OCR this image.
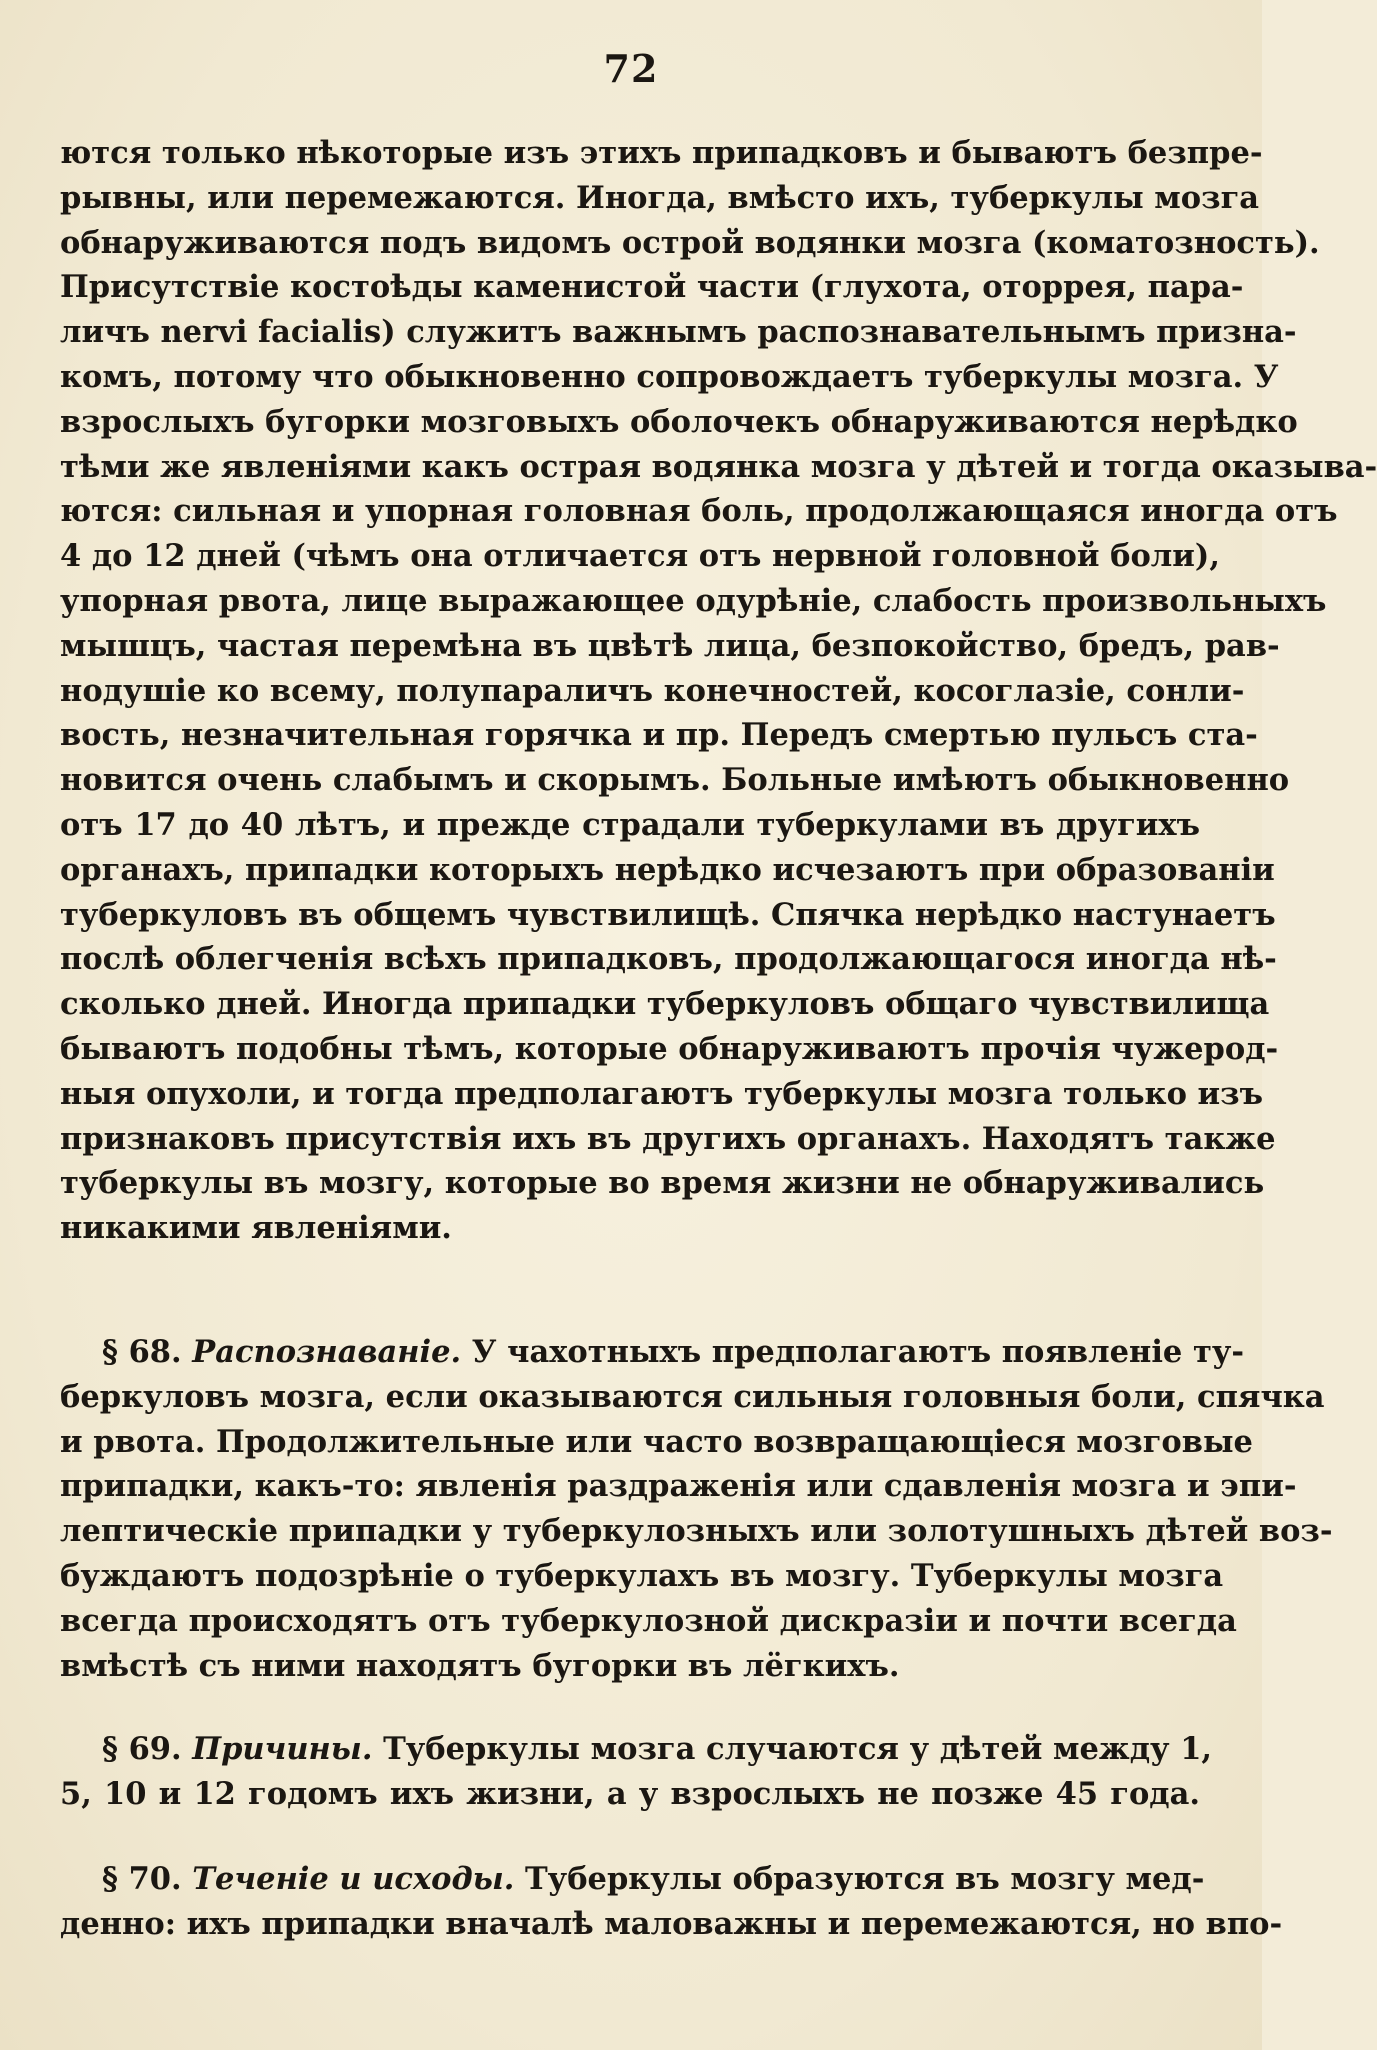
72
ются только нѣкоторые изъ этихъ припадковъ и бываютъ безпре-
рывны, или перемежаются. Иногда, вмѣсто ихъ, туберкулы мозга
обнаруживаются подъ видомъ острой водянки мозга (коматозность).
Присутствіе костоѣды каменистой части (глухота, оторрея, пара-
личъ nervi facialis) служитъ важнымъ распознавательнымъ призна-
комъ, потому что обыкновенно сопровождаетъ туберкулы мозга. У
взрослыхъ бугорки мозговыхъ оболочекъ обнаруживаются нерѣдко
тѣми же явленіями какъ острая водянка мозга у дѣтей и тогда оказыва-
ются: сильная и упорная головная боль, продолжающаяся иногда отъ
4 до 12 дней (чѣмъ она отличается отъ нервной головной боли),
упорная рвота, лице выражающее одурѣніе, слабость произвольныхъ
мышцъ, частая перемѣна въ цвѣтѣ лица, безпокойство, бредъ, рав-
нодушіе ко всему, полупараличъ конечностей, косоглазіе, сонли-
вость, незначительная горячка и пр. Передъ смертью пульсъ ста-
новится очень слабымъ и скорымъ. Больные имѣютъ обыкновенно
отъ 17 до 40 лѣтъ, и прежде страдали туберкулами въ другихъ
органахъ, припадки которыхъ нерѣдко исчезаютъ при образованіи
туберкуловъ въ общемъ чувствилищѣ. Спячка нерѣдко настунаетъ
послѣ облегченія всѣхъ припадковъ, продолжающагося иногда нѣ-
сколько дней. Иногда припадки туберкуловъ общаго чувствилища
бываютъ подобны тѣмъ, которые обнаруживаютъ прочія чужерод-
ныя опухоли, и тогда предполагаютъ туберкулы мозга только изъ
признаковъ присутствія ихъ въ другихъ органахъ. Находятъ также
туберкулы въ мозгу, которые во время жизни не обнаруживались
никакими явленіями.
§ 68. Распознаваніе. У чахотныхъ предполагаютъ появленіе ту-
беркуловъ мозга, если оказываются сильныя головныя боли, спячка
и рвота. Продолжительные или часто возвращающіеся мозговые
припадки, какъ-то: явленія раздраженія или сдавленія мозга и эпи-
лептическіе припадки у туберкулозныхъ или золотушныхъ дѣтей воз-
буждаютъ подозрѣніе о туберкулахъ въ мозгу. Туберкулы мозга
всегда происходятъ отъ туберкулозной дискразіи и почти всегда
вмѣстѣ съ ними находятъ бугорки въ лёгкихъ.
§ 69. Причины. Туберкулы мозга случаются у дѣтей между 1,
5, 10 и 12 годомъ ихъ жизни, а у взрослыхъ не позже 45 года.
§ 70. Теченіе и исходы. Туберкулы образуются въ мозгу мед-
денно: ихъ припадки вначалѣ маловажны и перемежаются, но впо-
